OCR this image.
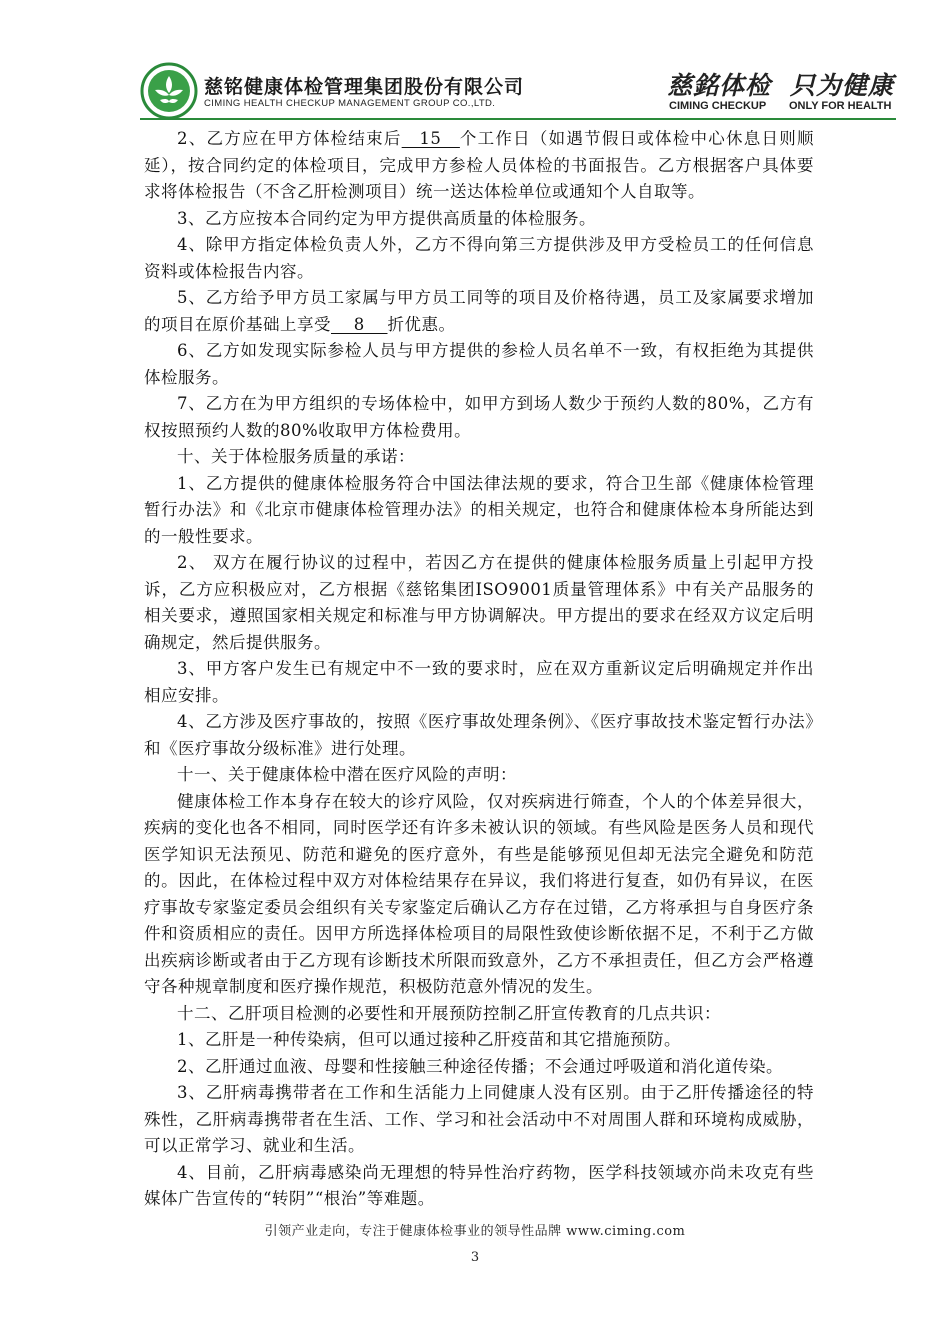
慈铭健康体检管理集团股份有限公司
CIMING HEALTH CHECKUP MANAGEMENT GROUP CO.,LTD.
慈銘体检 只为健康
CIMING CHECKUP ONLY FOR HEALTH

2、乙方应在甲方体检结束后　15　个工作日（如遇节假日或体检中心休息日则顺延），按合同约定的体检项目，完成甲方参检人员体检的书面报告。乙方根据客户具体要求将体检报告（不含乙肝检测项目）统一送达体检单位或通知个人自取等。

3、乙方应按本合同约定为甲方提供高质量的体检服务。

4、除甲方指定体检负责人外，乙方不得向第三方提供涉及甲方受检员工的任何信息资料或体检报告内容。

5、乙方给予甲方员工家属与甲方员工同等的项目及价格待遇，员工及家属要求增加的项目在原价基础上享受　 8 　折优惠。

6、乙方如发现实际参检人员与甲方提供的参检人员名单不一致，有权拒绝为其提供体检服务。

7、乙方在为甲方组织的专场体检中，如甲方到场人数少于预约人数的80%，乙方有权按照预约人数的80%收取甲方体检费用。

十、关于体检服务质量的承诺：

1、乙方提供的健康体检服务符合中国法律法规的要求，符合卫生部《健康体检管理暂行办法》和《北京市健康体检管理办法》的相关规定，也符合和健康体检本身所能达到的一般性要求。

2、 双方在履行协议的过程中，若因乙方在提供的健康体检服务质量上引起甲方投诉，乙方应积极应对，乙方根据《慈铭集团ISO9001质量管理体系》中有关产品服务的相关要求，遵照国家相关规定和标准与甲方协调解决。甲方提出的要求在经双方议定后明确规定，然后提供服务。

3、甲方客户发生已有规定中不一致的要求时，应在双方重新议定后明确规定并作出相应安排。

4、乙方涉及医疗事故的，按照《医疗事故处理条例》、《医疗事故技术鉴定暂行办法》和《医疗事故分级标准》进行处理。

十一、关于健康体检中潜在医疗风险的声明：

健康体检工作本身存在较大的诊疗风险，仅对疾病进行筛查，个人的个体差异很大，疾病的变化也各不相同，同时医学还有许多未被认识的领域。有些风险是医务人员和现代医学知识无法预见、防范和避免的医疗意外，有些是能够预见但却无法完全避免和防范的。因此，在体检过程中双方对体检结果存在异议，我们将进行复查，如仍有异议，在医疗事故专家鉴定委员会组织有关专家鉴定后确认乙方存在过错，乙方将承担与自身医疗条件和资质相应的责任。因甲方所选择体检项目的局限性致使诊断依据不足，不利于乙方做出疾病诊断或者由于乙方现有诊断技术所限而致意外，乙方不承担责任，但乙方会严格遵守各种规章制度和医疗操作规范，积极防范意外情况的发生。

十二、乙肝项目检测的必要性和开展预防控制乙肝宣传教育的几点共识：

1、乙肝是一种传染病，但可以通过接种乙肝疫苗和其它措施预防。

2、乙肝通过血液、母婴和性接触三种途径传播；不会通过呼吸道和消化道传染。

3、乙肝病毒携带者在工作和生活能力上同健康人没有区别。由于乙肝传播途径的特殊性，乙肝病毒携带者在生活、工作、学习和社会活动中不对周围人群和环境构成威胁，可以正常学习、就业和生活。

4、目前，乙肝病毒感染尚无理想的特异性治疗药物，医学科技领域亦尚未攻克有些媒体广告宣传的“转阴”“根治”等难题。

引领产业走向，专注于健康体检事业的领导性品牌 www.ciming.com
3
